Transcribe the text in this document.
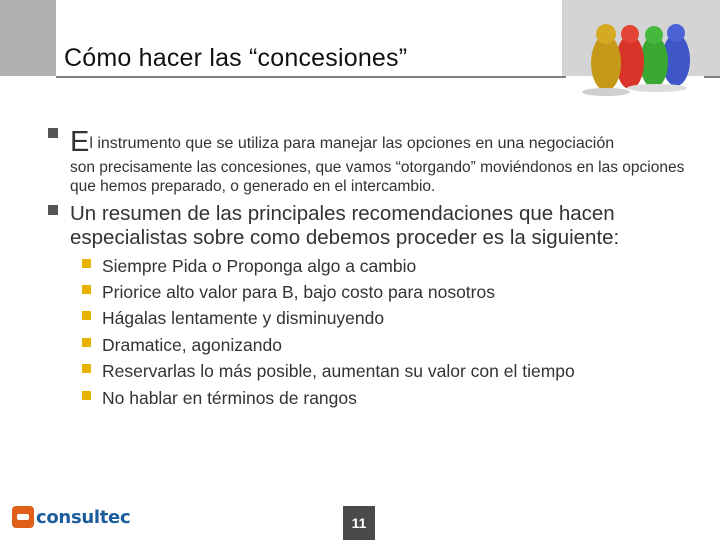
Cómo hacer las “concesiones”
El instrumento que se utiliza para manejar las opciones en una negociación
son precisamente las concesiones, que vamos “otorgando” moviéndonos en las opciones que hemos preparado, o generado en el intercambio.
Un resumen de las principales recomendaciones que hacen especialistas sobre como debemos proceder es la siguiente:
Siempre Pida o Proponga algo a cambio
Priorice alto valor para B, bajo costo para nosotros
Hágalas lentamente y disminuyendo
Dramatice, agonizando
Reservarlas lo más posible, aumentan su valor con el tiempo
No hablar en términos de rangos
consultec	11
